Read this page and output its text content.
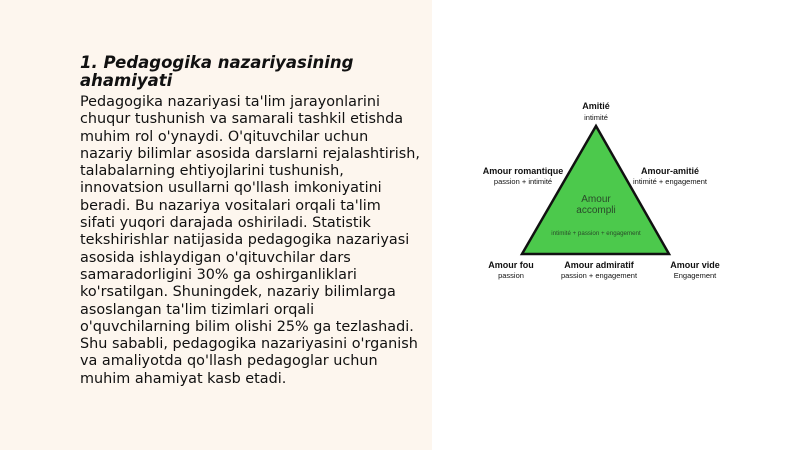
1. Pedagogika nazariyasining ahamiyati

Pedagogika nazariyasi ta'lim jarayonlarini chuqur tushunish va samarali tashkil etishda muhim rol o'ynaydi. O'qituvchilar uchun nazariy bilimlar asosida darslarni rejalashtirish, talabalarning ehtiyojlarini tushunish, innovatsion usullarni qo'llash imkoniyatini beradi. Bu nazariya vositalari orqali ta'lim sifati yuqori darajada oshiriladi. Statistik tekshirishlar natijasida pedagogika nazariyasi asosida ishlaydigan o'qituvchilar dars samaradorligini 30% ga oshirganliklari ko'rsatilgan. Shuningdek, nazariy bilimlarga asoslangan ta'lim tizimlari orqali o'quvchilarning bilim olishi 25% ga tezlashadi. Shu sababli, pedagogika nazariyasini o'rganish va amaliyotda qo'llash pedagoglar uchun muhim ahamiyat kasb etadi.

Amour
accompli
intimité + passion + engagement
Amitié
intimité
Amour romantique
passion + intimité
Amour-amitié
intimité + engagement
Amour fou
passion
Amour admiratif
passion + engagement
Amour vide
Engagement
